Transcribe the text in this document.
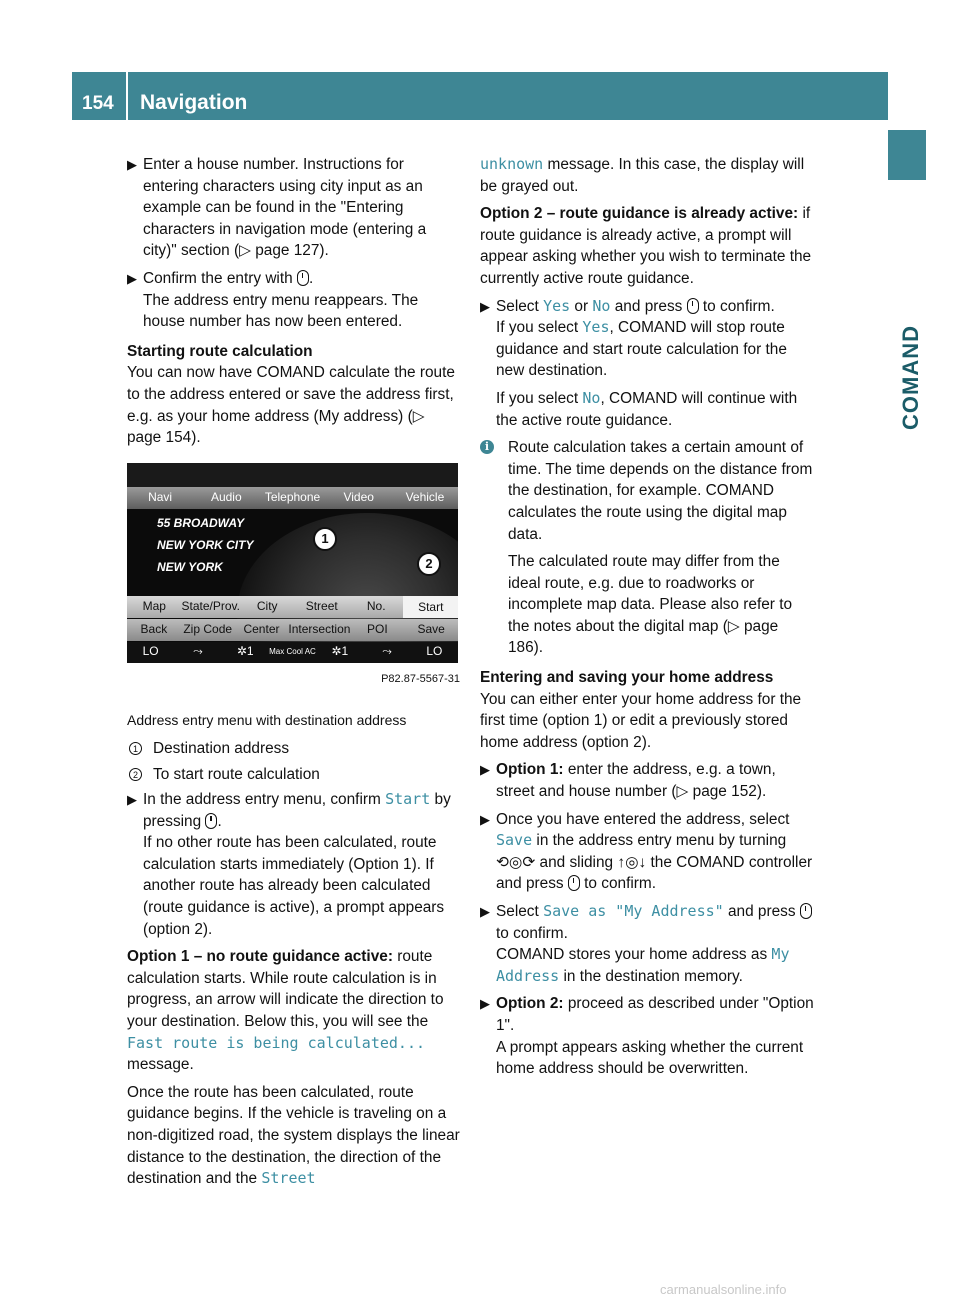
154	Navigation
COMAND
▶ Enter a house number. Instructions for entering characters using city input as an example can be found in the "Entering characters in navigation mode (entering a city)" section (▷ page 127).
▶ Confirm the entry with .
The address entry menu reappears. The house number has now been entered.
Starting route calculation
You can now have COMAND calculate the route to the address entered or save the address first, e.g. as your home address (My address) (▷ page 154).
Navi	Audio	Telephone	Video	Vehicle
55 BROADWAY
NEW YORK CITY
NEW YORK
1
2
Map	State/Prov.	City	Street	No.	Start
Back	Zip Code Center Intersection	POI	Save
LO	⤳	✲1	Max Cool AC	✲1	⤳	LO
P82.87-5567-31
Address entry menu with destination address
1 Destination address
2 To start route calculation
▶ In the address entry menu, confirm Start by pressing .
If no other route has been calculated, route calculation starts immediately (Option 1). If another route has already been calculated (route guidance is active), a prompt appears (option 2).
Option 1 – no route guidance active: route calculation starts. While route calculation is in progress, an arrow will indicate the direction to your destination. Below this, you will see the Fast route is being calculated... message.
Once the route has been calculated, route guidance begins. If the vehicle is traveling on a non-digitized road, the system displays the linear distance to the destination, the direction of the destination and the Street
unknown message. In this case, the display will be grayed out.
Option 2 – route guidance is already active: if route guidance is already active, a prompt will appear asking whether you wish to terminate the currently active route guidance.
▶ Select Yes or No and press  to confirm.
If you select Yes, COMAND will stop route guidance and start route calculation for the new destination.
If you select No, COMAND will continue with the active route guidance.
i	Route calculation takes a certain amount of time. The time depends on the distance from the destination, for example. COMAND calculates the route using the digital map data.
The calculated route may differ from the ideal route, e.g. due to roadworks or incomplete map data. Please also refer to the notes about the digital map (▷ page 186).
Entering and saving your home address
You can either enter your home address for the first time (option 1) or edit a previously stored home address (option 2).
▶ Option 1: enter the address, e.g. a town, street and house number (▷ page 152).
▶ Once you have entered the address, select Save in the address entry menu by turning ⟲◎⟳ and sliding ↑◎↓ the COMAND controller and press  to confirm.
▶ Select Save as "My Address" and press  to confirm.
COMAND stores your home address as My Address in the destination memory.
▶ Option 2: proceed as described under "Option 1".
A prompt appears asking whether the current home address should be overwritten.
carmanualsonline.info
